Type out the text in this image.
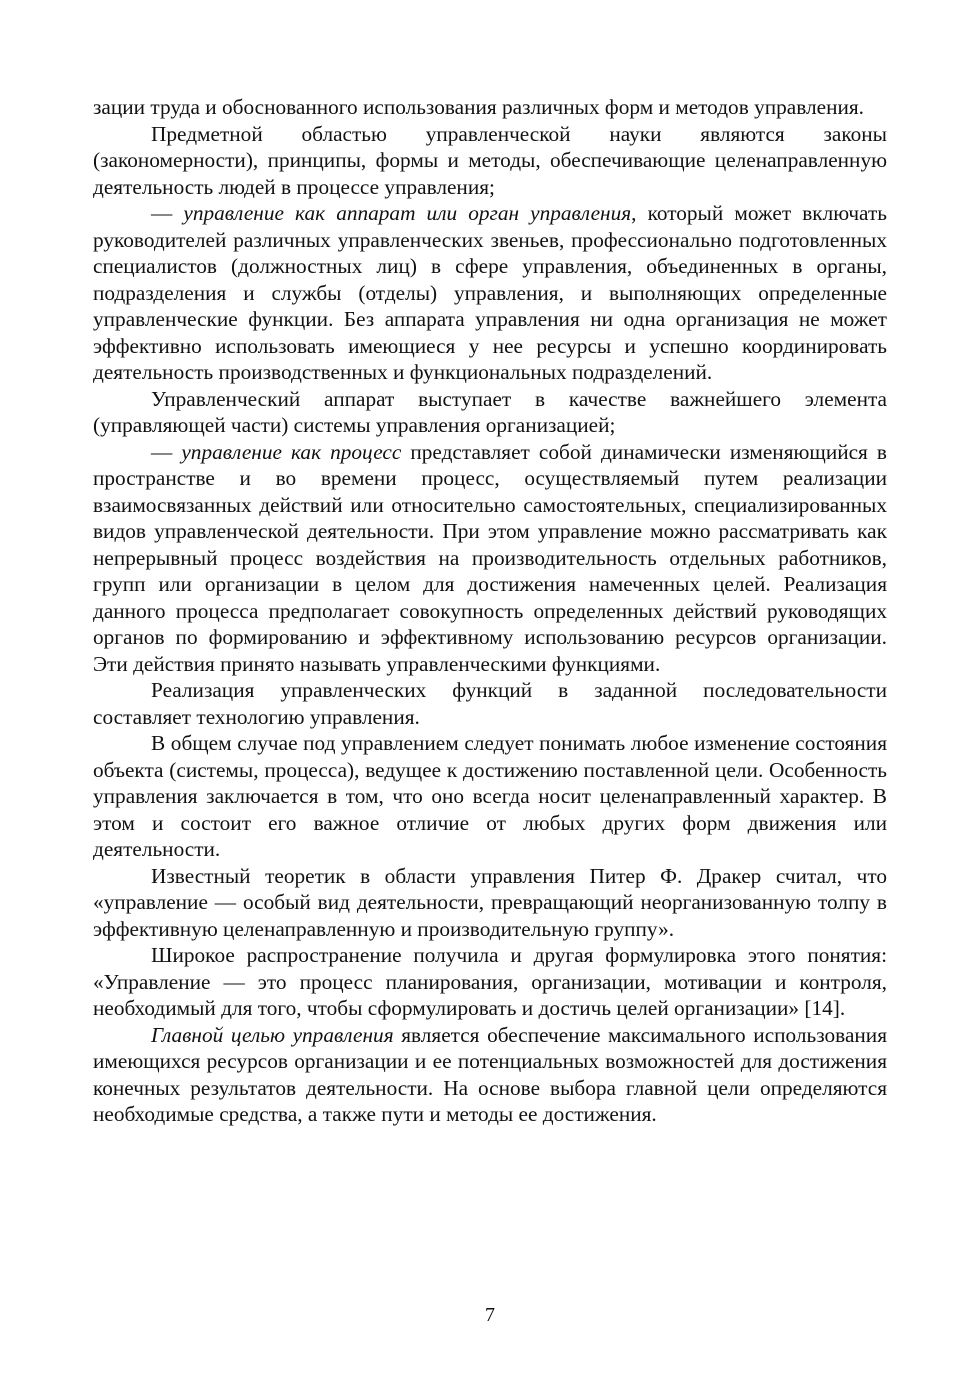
зации труда и обоснованного использования различных форм и методов управления.

Предметной областью управленческой науки являются законы (закономерности), принципы, формы и методы, обеспечивающие целенаправленную деятельность людей в процессе управления;

— управление как аппарат или орган управления, который может включать руководителей различных управленческих звеньев, профессионально подготовленных специалистов (должностных лиц) в сфере управления, объединенных в органы, подразделения и службы (отделы) управления, и выполняющих определенные управленческие функции. Без аппарата управления ни одна организация не может эффективно использовать имеющиеся у нее ресурсы и успешно координировать деятельность производственных и функциональных подразделений.

Управленческий аппарат выступает в качестве важнейшего элемента (управляющей части) системы управления организацией;

— управление как процесс представляет собой динамически изменяющийся в пространстве и во времени процесс, осуществляемый путем реализации взаимосвязанных действий или относительно самостоятельных, специализированных видов управленческой деятельности. При этом управление можно рассматривать как непрерывный процесс воздействия на производительность отдельных работников, групп или организации в целом для достижения намеченных целей. Реализация данного процесса предполагает совокупность определенных действий руководящих органов по формированию и эффективному использованию ресурсов организации. Эти действия принято называть управленческими функциями.

Реализация управленческих функций в заданной последовательности составляет технологию управления.

В общем случае под управлением следует понимать любое изменение состояния объекта (системы, процесса), ведущее к достижению поставленной цели. Особенность управления заключается в том, что оно всегда носит целенаправленный характер. В этом и состоит его важное отличие от любых других форм движения или деятельности.

Известный теоретик в области управления Питер Ф. Дракер считал, что «управление — особый вид деятельности, превращающий неорганизованную толпу в эффективную целенаправленную и производительную группу».

Широкое распространение получила и другая формулировка этого понятия: «Управление — это процесс планирования, организации, мотивации и контроля, необходимый для того, чтобы сформулировать и достичь целей организации» [14].

Главной целью управления является обеспечение максимального использования имеющихся ресурсов организации и ее потенциальных возможностей для достижения конечных результатов деятельности. На основе выбора главной цели определяются необходимые средства, а также пути и методы ее достижения.

7
